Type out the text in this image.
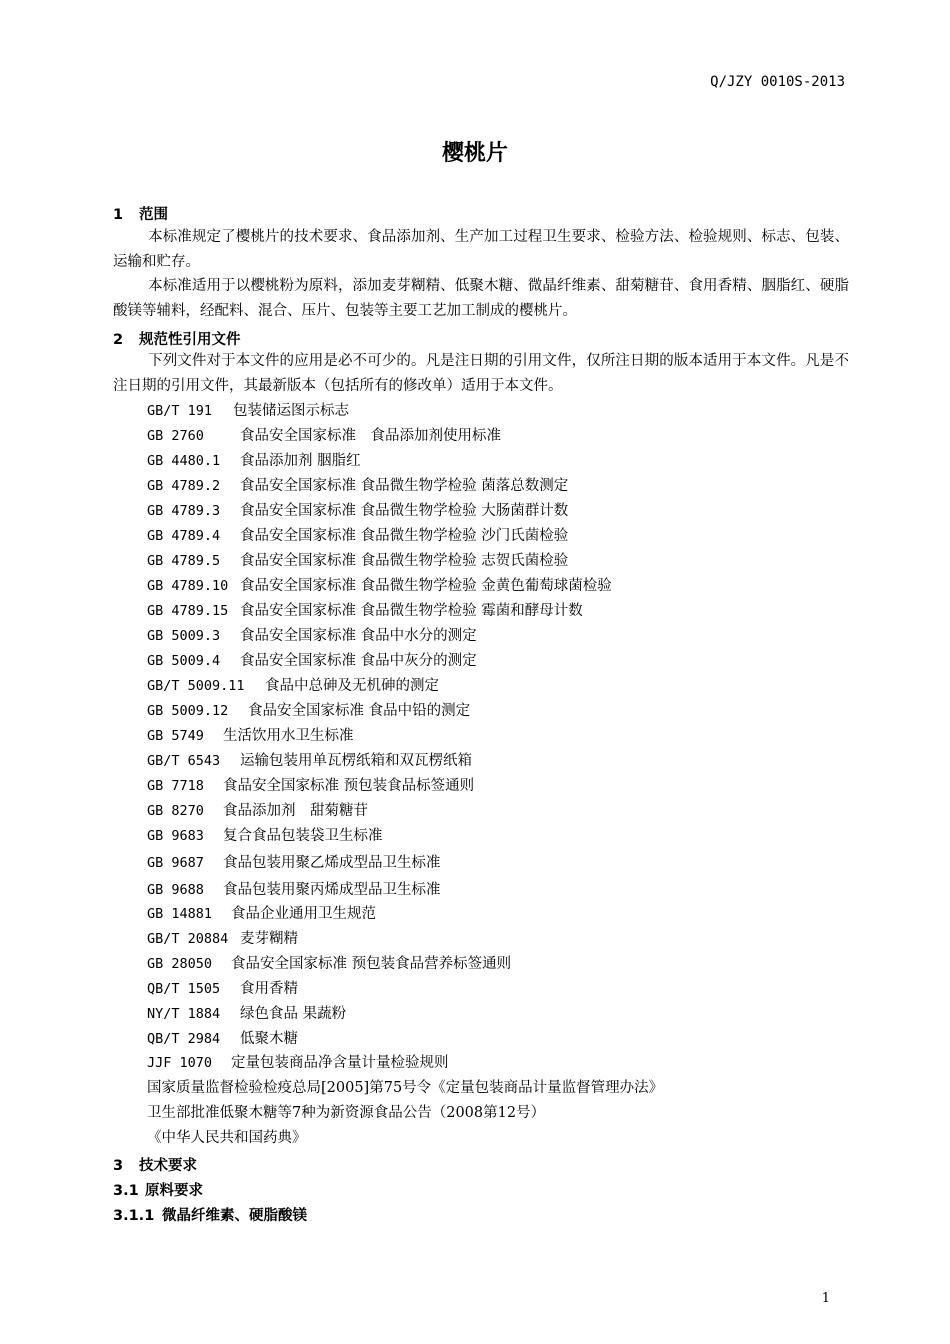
Q/JZY 0010S-2013
樱桃片
1 范围
本标准规定了樱桃片的技术要求、食品添加剂、生产加工过程卫生要求、检验方法、检验规则、标志、包装、运输和贮存。
本标准适用于以樱桃粉为原料，添加麦芽糊精、低聚木糖、微晶纤维素、甜菊糖苷、食用香精、胭脂红、硬脂酸镁等辅料，经配料、混合、压片、包装等主要工艺加工制成的樱桃片。
2 规范性引用文件
下列文件对于本文件的应用是必不可少的。凡是注日期的引用文件，仅所注日期的版本适用于本文件。凡是不注日期的引用文件，其最新版本（包括所有的修改单）适用于本文件。
GB/T 191 包装储运图示标志
GB 2760 食品安全国家标准　食品添加剂使用标准
GB 4480.1 食品添加剂 胭脂红
GB 4789.2 食品安全国家标准 食品微生物学检验 菌落总数测定
GB 4789.3 食品安全国家标准 食品微生物学检验 大肠菌群计数
GB 4789.4 食品安全国家标准 食品微生物学检验 沙门氏菌检验
GB 4789.5 食品安全国家标准 食品微生物学检验 志贺氏菌检验
GB 4789.10 食品安全国家标准 食品微生物学检验 金黄色葡萄球菌检验
GB 4789.15 食品安全国家标准 食品微生物学检验 霉菌和酵母计数
GB 5009.3 食品安全国家标准 食品中水分的测定
GB 5009.4 食品安全国家标准 食品中灰分的测定
GB/T 5009.11 食品中总砷及无机砷的测定
GB 5009.12 食品安全国家标准 食品中铅的测定
GB 5749 生活饮用水卫生标准
GB/T 6543 运输包装用单瓦楞纸箱和双瓦楞纸箱
GB 7718 食品安全国家标准 预包装食品标签通则
GB 8270 食品添加剂　甜菊糖苷
GB 9683 复合食品包装袋卫生标准
GB 9687 食品包装用聚乙烯成型品卫生标准
GB 9688 食品包装用聚丙烯成型品卫生标准
GB 14881 食品企业通用卫生规范
GB/T 20884 麦芽糊精
GB 28050 食品安全国家标准 预包装食品营养标签通则
QB/T 1505 食用香精
NY/T 1884 绿色食品 果蔬粉
QB/T 2984 低聚木糖
JJF 1070 定量包装商品净含量计量检验规则
国家质量监督检验检疫总局[2005]第75号令《定量包装商品计量监督管理办法》
卫生部批准低聚木糖等7种为新资源食品公告（2008第12号）
《中华人民共和国药典》
3 技术要求
3.1 原料要求
3.1.1 微晶纤维素、硬脂酸镁
1
